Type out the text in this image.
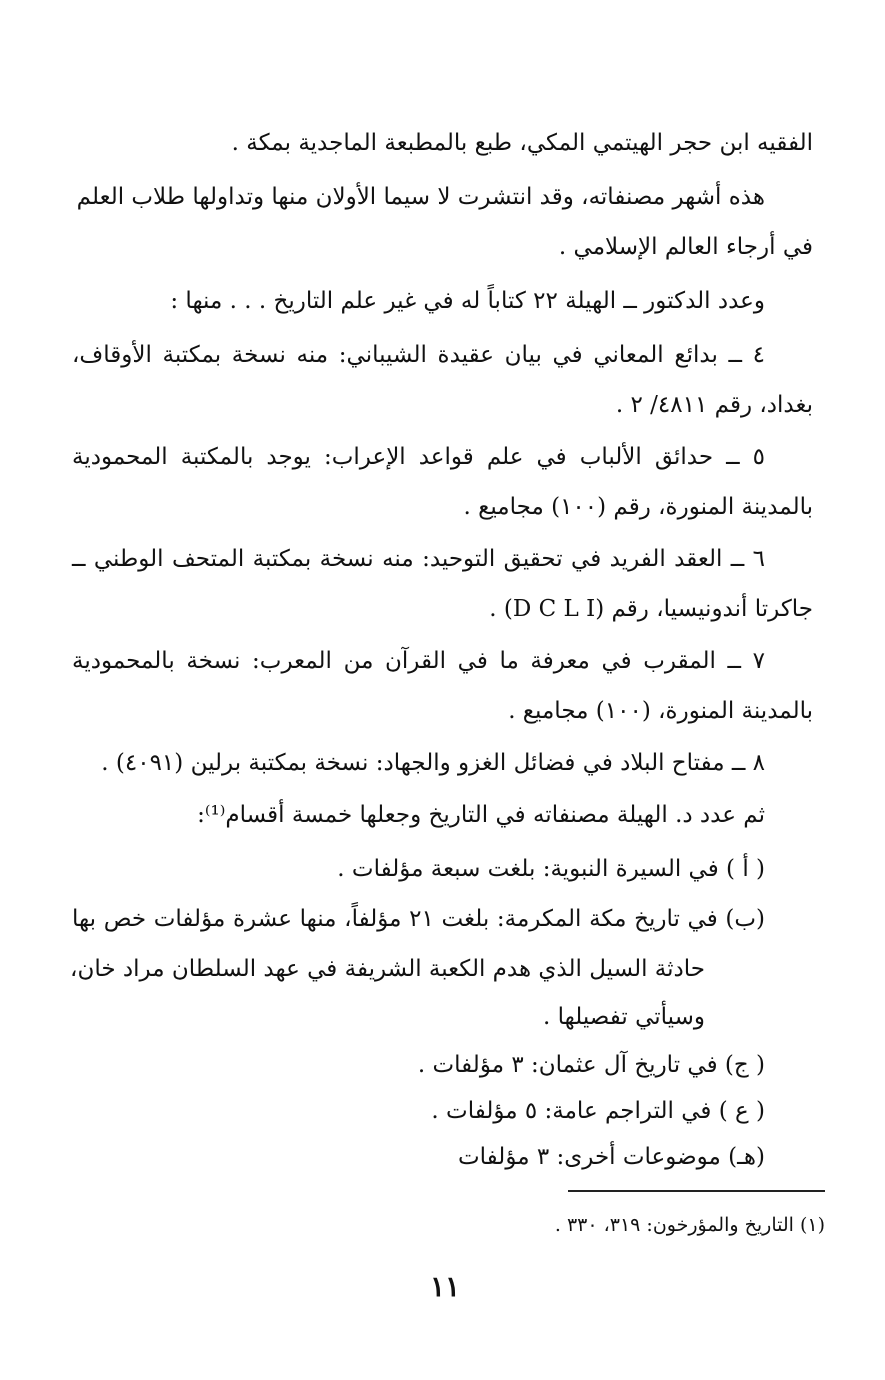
الفقيه ابن حجر الهيتمي المكي، طبع بالمطبعة الماجدية بمكة .
هذه أشهر مصنفاته، وقد انتشرت لا سيما الأولان منها وتداولها طلاب العلم
في أرجاء العالم الإسلامي .
وعدد الدكتور ــ الهيلة ٢٢ كتاباً له في غير علم التاريخ . . . منها :
٤ ــ بدائع المعاني في بيان عقيدة الشيباني: منه نسخة بمكتبة الأوقاف،
بغداد، رقم ٤٨١١/ ٢ .
٥ ــ حدائق الألباب في علم قواعد الإعراب: يوجد بالمكتبة المحمودية
بالمدينة المنورة، رقم (١٠٠) مجاميع .
٦ ــ العقد الفريد في تحقيق التوحيد: منه نسخة بمكتبة المتحف الوطني ــ
جاكرتا أندونيسيا، رقم (D C L I) .
٧ ــ المقرب في معرفة ما في القرآن من المعرب: نسخة بالمحمودية
بالمدينة المنورة، (١٠٠) مجاميع .
٨ ــ مفتاح البلاد في فضائل الغزو والجهاد: نسخة بمكتبة برلين (٤٠٩١) .
ثم عدد د. الهيلة مصنفاته في التاريخ وجعلها خمسة أقسام⁽¹⁾:
( أ ) في السيرة النبوية: بلغت سبعة مؤلفات .
(ب) في تاريخ مكة المكرمة: بلغت ٢١ مؤلفاً، منها عشرة مؤلفات خص بها
حادثة السيل الذي هدم الكعبة الشريفة في عهد السلطان مراد خان،
وسيأتي تفصيلها .
( ج) في تاريخ آل عثمان: ٣ مؤلفات .
( ع ) في التراجم عامة: ٥ مؤلفات .
(هـ) موضوعات أخرى: ٣ مؤلفات
(١) التاريخ والمؤرخون: ٣١٩، ٣٣٠ .
١١
